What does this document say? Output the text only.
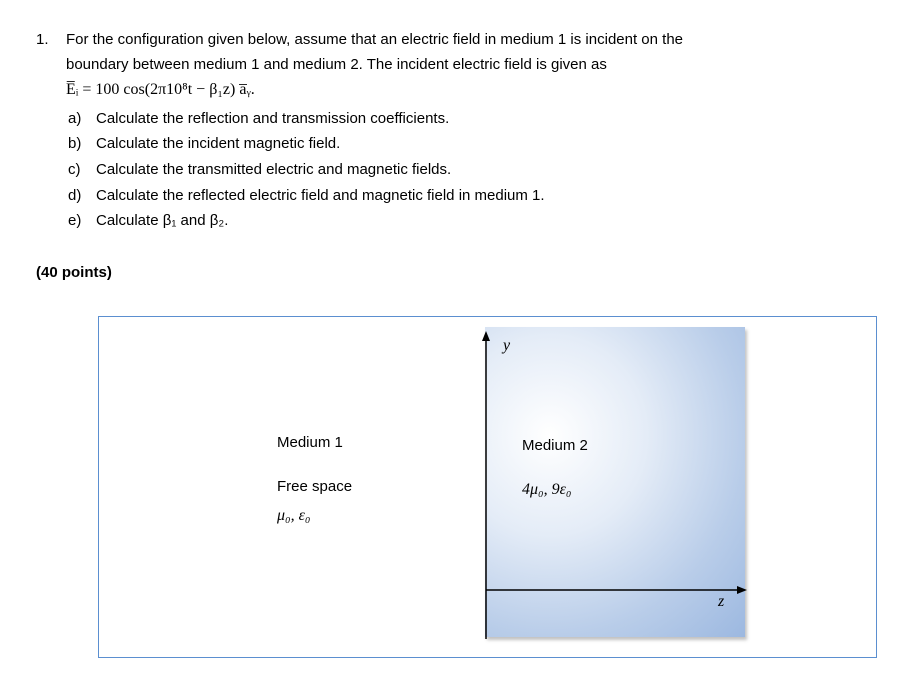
1. For the configuration given below, assume that an electric field in medium 1 is incident on the
boundary between medium 1 and medium 2. The incident electric field is given as
E̅ᵢ = 100 cos(2π10⁸t − β₁z) a̅ᵧ.
a) Calculate the reflection and transmission coefficients.
b) Calculate the incident magnetic field.
c) Calculate the transmitted electric and magnetic fields.
d) Calculate the reflected electric field and magnetic field in medium 1.
e) Calculate β₁ and β₂.
(40 points)
y
z
Medium 1
Free space
μ₀, ε₀
Medium 2
4μ₀, 9ε₀
